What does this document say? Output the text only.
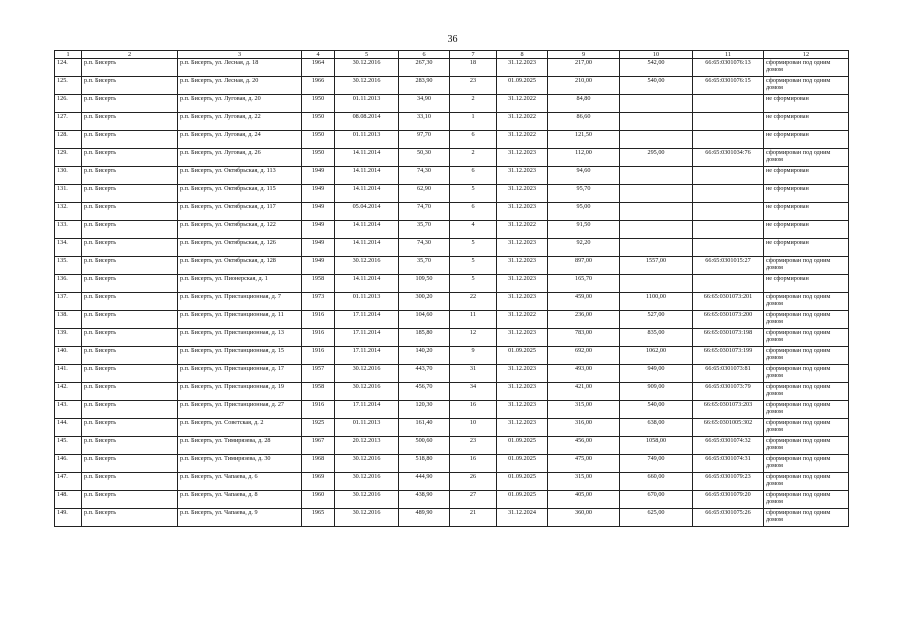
36
1	2	3	4	5	6	7	8	9	10	11	12
124.	р.п. Бисерть	р.п. Бисерть, ул. Лесная, д. 18	1964	30.12.2016	267,30	18	31.12.2023	217,00	542,00	66:65:0301076:13	сформирован под одним домом
125.	р.п. Бисерть	р.п. Бисерть, ул. Лесная, д. 20	1966	30.12.2016	283,90	23	01.09.2025	210,00	540,00	66:65:0301076:15	сформирован под одним домом
126.	р.п. Бисерть	р.п. Бисерть, ул. Луговая, д. 20	1950	01.11.2013	34,90	2	31.12.2022	84,80			не сформирован
127.	р.п. Бисерть	р.п. Бисерть, ул. Луговая, д. 22	1950	08.08.2014	33,10	1	31.12.2022	86,60			не сформирован
128.	р.п. Бисерть	р.п. Бисерть, ул. Луговая, д. 24	1950	01.11.2013	97,70	6	31.12.2022	121,50			не сформирован
129.	р.п. Бисерть	р.п. Бисерть, ул. Луговая, д. 26	1950	14.11.2014	50,30	2	31.12.2023	112,00	295,00	66:65:0301034:76	сформирован под одним домом
130.	р.п. Бисерть	р.п. Бисерть, ул. Октябрьская, д. 113	1949	14.11.2014	74,30	6	31.12.2023	94,60			не сформирован
131.	р.п. Бисерть	р.п. Бисерть, ул. Октябрьская, д. 115	1949	14.11.2014	62,90	5	31.12.2023	95,70			не сформирован
132.	р.п. Бисерть	р.п. Бисерть, ул. Октябрьская, д. 117	1949	05.04.2014	74,70	6	31.12.2023	95,00			не сформирован
133.	р.п. Бисерть	р.п. Бисерть, ул. Октябрьская, д. 122	1949	14.11.2014	35,70	4	31.12.2022	91,50			не сформирован
134.	р.п. Бисерть	р.п. Бисерть, ул. Октябрьская, д. 126	1949	14.11.2014	74,30	5	31.12.2023	92,20			не сформирован
135.	р.п. Бисерть	р.п. Бисерть, ул. Октябрьская, д. 128	1949	30.12.2016	35,70	5	31.12.2023	897,00	1557,00	66:65:0301015:27	сформирован под одним домом
136.	р.п. Бисерть	р.п. Бисерть, ул. Пионерская, д. 1	1958	14.11.2014	109,50	5	31.12.2023	165,70			не сформирован
137.	р.п. Бисерть	р.п. Бисерть, ул. Пристанционная, д. 7	1973	01.11.2013	300,20	22	31.12.2023	459,00	1100,00	66:65:0301073:201	сформирован под одним домом
138.	р.п. Бисерть	р.п. Бисерть, ул. Пристанционная, д. 11	1916	17.11.2014	104,60	11	31.12.2022	236,00	527,00	66:65:0301073:200	сформирован под одним домом
139.	р.п. Бисерть	р.п. Бисерть, ул. Пристанционная, д. 13	1916	17.11.2014	185,80	12	31.12.2023	783,00	835,00	66:65:0301073:198	сформирован под одним домом
140.	р.п. Бисерть	р.п. Бисерть, ул. Пристанционная, д. 15	1916	17.11.2014	140,20	9	01.09.2025	692,00	1062,00	66:65:0301073:199	сформирован под одним домом
141.	р.п. Бисерть	р.п. Бисерть, ул. Пристанционная, д. 17	1957	30.12.2016	443,70	31	31.12.2023	493,00	949,00	66:65:0301073:81	сформирован под одним домом
142.	р.п. Бисерть	р.п. Бисерть, ул. Пристанционная, д. 19	1958	30.12.2016	456,70	34	31.12.2023	421,00	909,00	66:65:0301073:79	сформирован под одним домом
143.	р.п. Бисерть	р.п. Бисерть, ул. Пристанционная, д. 27	1916	17.11.2014	120,30	16	31.12.2023	315,00	540,00	66:65:0301073:203	сформирован под одним домом
144.	р.п. Бисерть	р.п. Бисерть, ул. Советская, д. 2	1925	01.11.2013	161,40	10	31.12.2023	316,00	638,00	66:65:0301005:302	сформирован под одним домом
145.	р.п. Бисерть	р.п. Бисерть, ул. Тимирязева, д. 28	1967	20.12.2013	500,60	23	01.09.2025	456,00	1058,00	66:65:0301074:32	сформирован под одним домом
146.	р.п. Бисерть	р.п. Бисерть, ул. Тимирязева, д. 30	1968	30.12.2016	518,80	16	01.09.2025	475,00	749,00	66:65:0301074:31	сформирован под одним домом
147.	р.п. Бисерть	р.п. Бисерть, ул. Чапаева, д. 6	1969	30.12.2016	444,90	26	01.09.2025	315,00	660,00	66:65:0301079:23	сформирован под одним домом
148.	р.п. Бисерть	р.п. Бисерть, ул. Чапаева, д. 8	1960	30.12.2016	438,90	27	01.09.2025	405,00	670,00	66:65:0301079:20	сформирован под одним домом
149.	р.п. Бисерть	р.п. Бисерть, ул. Чапаева, д. 9	1965	30.12.2016	489,90	21	31.12.2024	360,00	625,00	66:65:0301075:26	сформирован под одним домом
